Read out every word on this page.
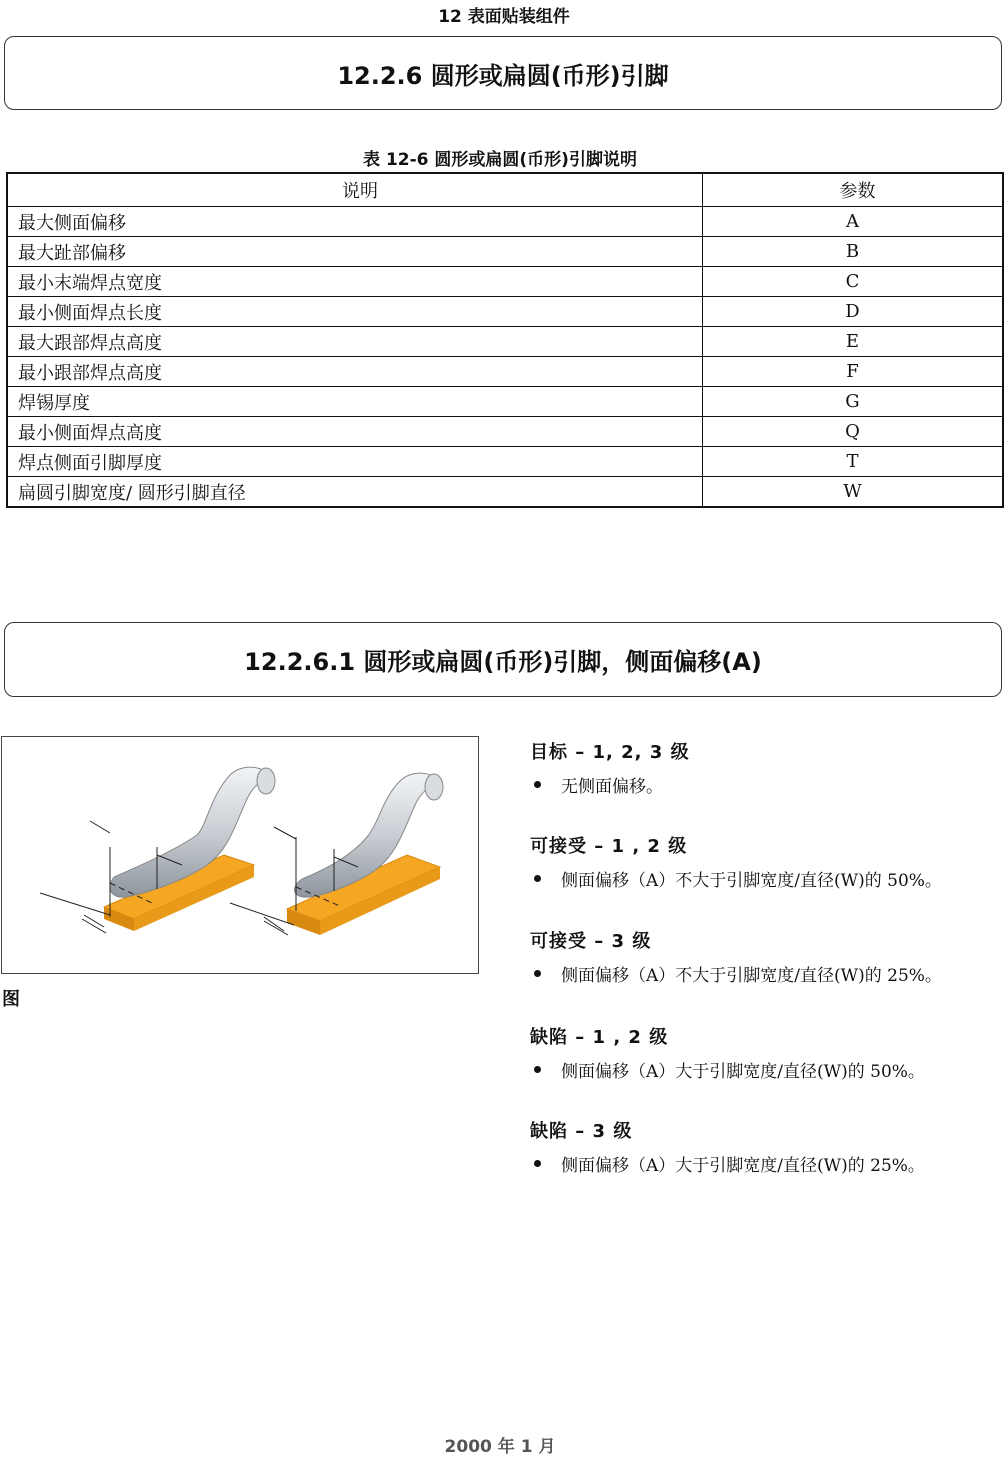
12 表面贴装组件
12.2.6 圆形或扁圆(币形)引脚
表 12-6 圆形或扁圆(币形)引脚说明
说明	参数
最大侧面偏移	A
最大趾部偏移	B
最小末端焊点宽度	C
最小侧面焊点长度	D
最大跟部焊点高度	E
最小跟部焊点高度	F
焊锡厚度	G
最小侧面焊点高度	Q
焊点侧面引脚厚度	T
扁圆引脚宽度/ 圆形引脚直径	W
12.2.6.1 圆形或扁圆(币形)引脚，侧面偏移(A)
图
目标 – 1, 2, 3 级
无侧面偏移。
可接受 – 1 , 2 级
侧面偏移（A）不大于引脚宽度/直径(W)的 50%。
可接受 – 3 级
侧面偏移（A）不大于引脚宽度/直径(W)的 25%。
缺陷 – 1 , 2 级
侧面偏移（A）大于引脚宽度/直径(W)的 50%。
缺陷 – 3 级
侧面偏移（A）大于引脚宽度/直径(W)的 25%。
2000 年 1 月
